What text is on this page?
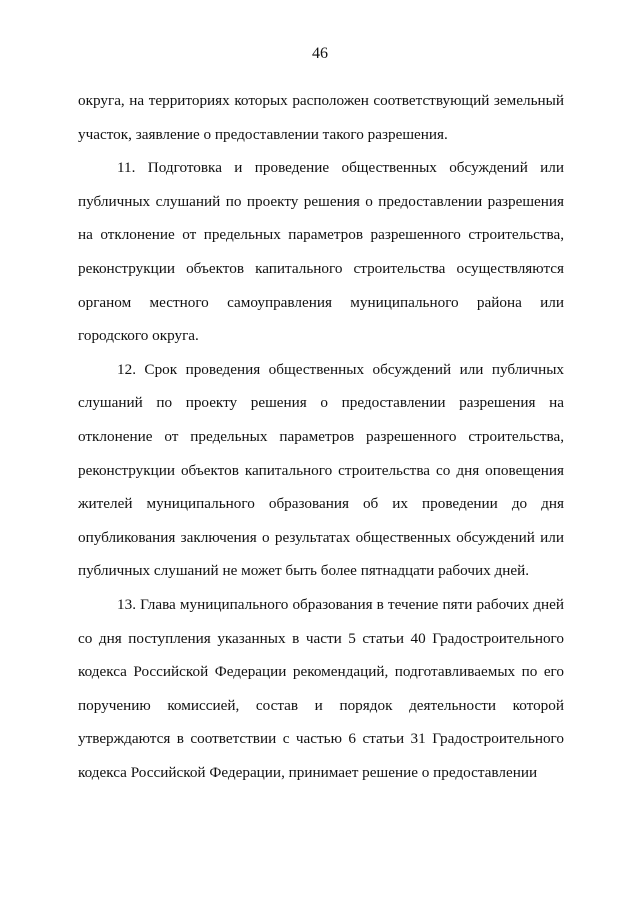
46

округа, на территориях которых расположен соответствующий земельный участок, заявление о предоставлении такого разрешения.

11. Подготовка и проведение общественных обсуждений или публичных слушаний по проекту решения о предоставлении разрешения на отклонение от предельных параметров разрешенного строительства, реконструкции объектов капитального строительства осуществляются органом местного самоуправления муниципального района или городского округа.

12. Срок проведения общественных обсуждений или публичных слушаний по проекту решения о предоставлении разрешения на отклонение от предельных параметров разрешенного строительства, реконструкции объектов капитального строительства со дня оповещения жителей муниципального образования об их проведении до дня опубликования заключения о результатах общественных обсуждений или публичных слушаний не может быть более пятнадцати рабочих дней.

13. Глава муниципального образования в течение пяти рабочих дней со дня поступления указанных в части 5 статьи 40 Градостроительного кодекса Российской Федерации рекомендаций, подготавливаемых по его поручению комиссией, состав и порядок деятельности которой утверждаются в соответствии с частью 6 статьи 31 Градостроительного кодекса Российской Федерации, принимает решение о предоставлении
